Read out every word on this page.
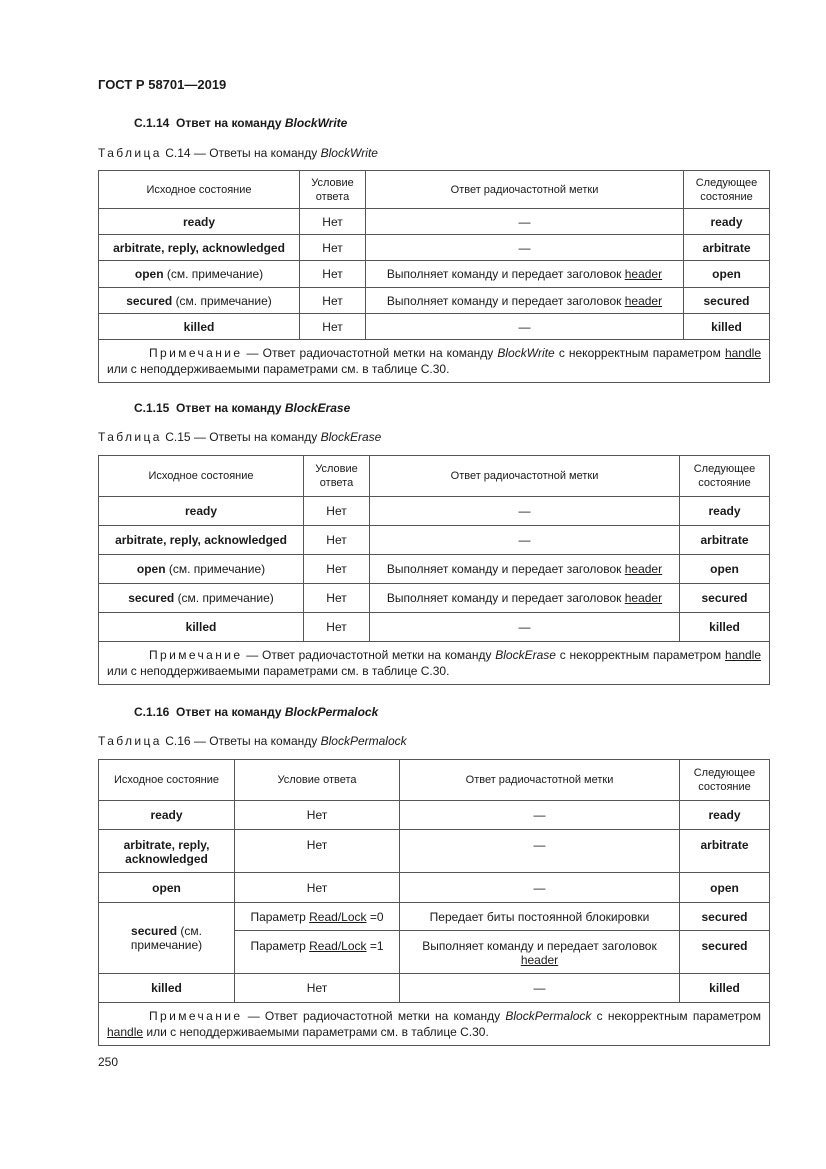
ГОСТ Р 58701—2019
С.1.14 Ответ на команду BlockWrite
Таблица С.14 — Ответы на команду BlockWrite
Исходное состояние	Условие ответа	Ответ радиочастотной метки	Следующее состояние
ready	Нет	—	ready
arbitrate, reply, acknowledged	Нет	—	arbitrate
open (см. примечание)	Нет	Выполняет команду и передает заголовок header	open
secured (см. примечание)	Нет	Выполняет команду и передает заголовок header	secured
killed	Нет	—	killed
Примечание — Ответ радиочастотной метки на команду BlockWrite с некорректным параметром handle или с неподдерживаемыми параметрами см. в таблице С.30.			
С.1.15 Ответ на команду BlockErase
Таблица С.15 — Ответы на команду BlockErase
Исходное состояние	Условие ответа	Ответ радиочастотной метки	Следующее состояние
ready	Нет	—	ready
arbitrate, reply, acknowledged	Нет	—	arbitrate
open (см. примечание)	Нет	Выполняет команду и передает заголовок header	open
secured (см. примечание)	Нет	Выполняет команду и передает заголовок header	secured
killed	Нет	—	killed
Примечание — Ответ радиочастотной метки на команду BlockErase с некорректным параметром handle или с неподдерживаемыми параметрами см. в таблице С.30.			
С.1.16 Ответ на команду BlockPermalock
Таблица С.16 — Ответы на команду BlockPermalock
Исходное состояние	Условие ответа	Ответ радиочастотной метки	Следующее состояние
ready	Нет	—	ready
arbitrate, reply, acknowledged	Нет	—	arbitrate
open	Нет	—	open
secured (см. примечание)	Параметр Read/Lock =0	Передает биты постоянной блокировки	secured
	Параметр Read/Lock =1	Выполняет команду и передает заголовок header	secured
killed	Нет	—	killed
Примечание — Ответ радиочастотной метки на команду BlockPermalock с некорректным параметром handle или с неподдерживаемыми параметрами см. в таблице С.30.			
250
